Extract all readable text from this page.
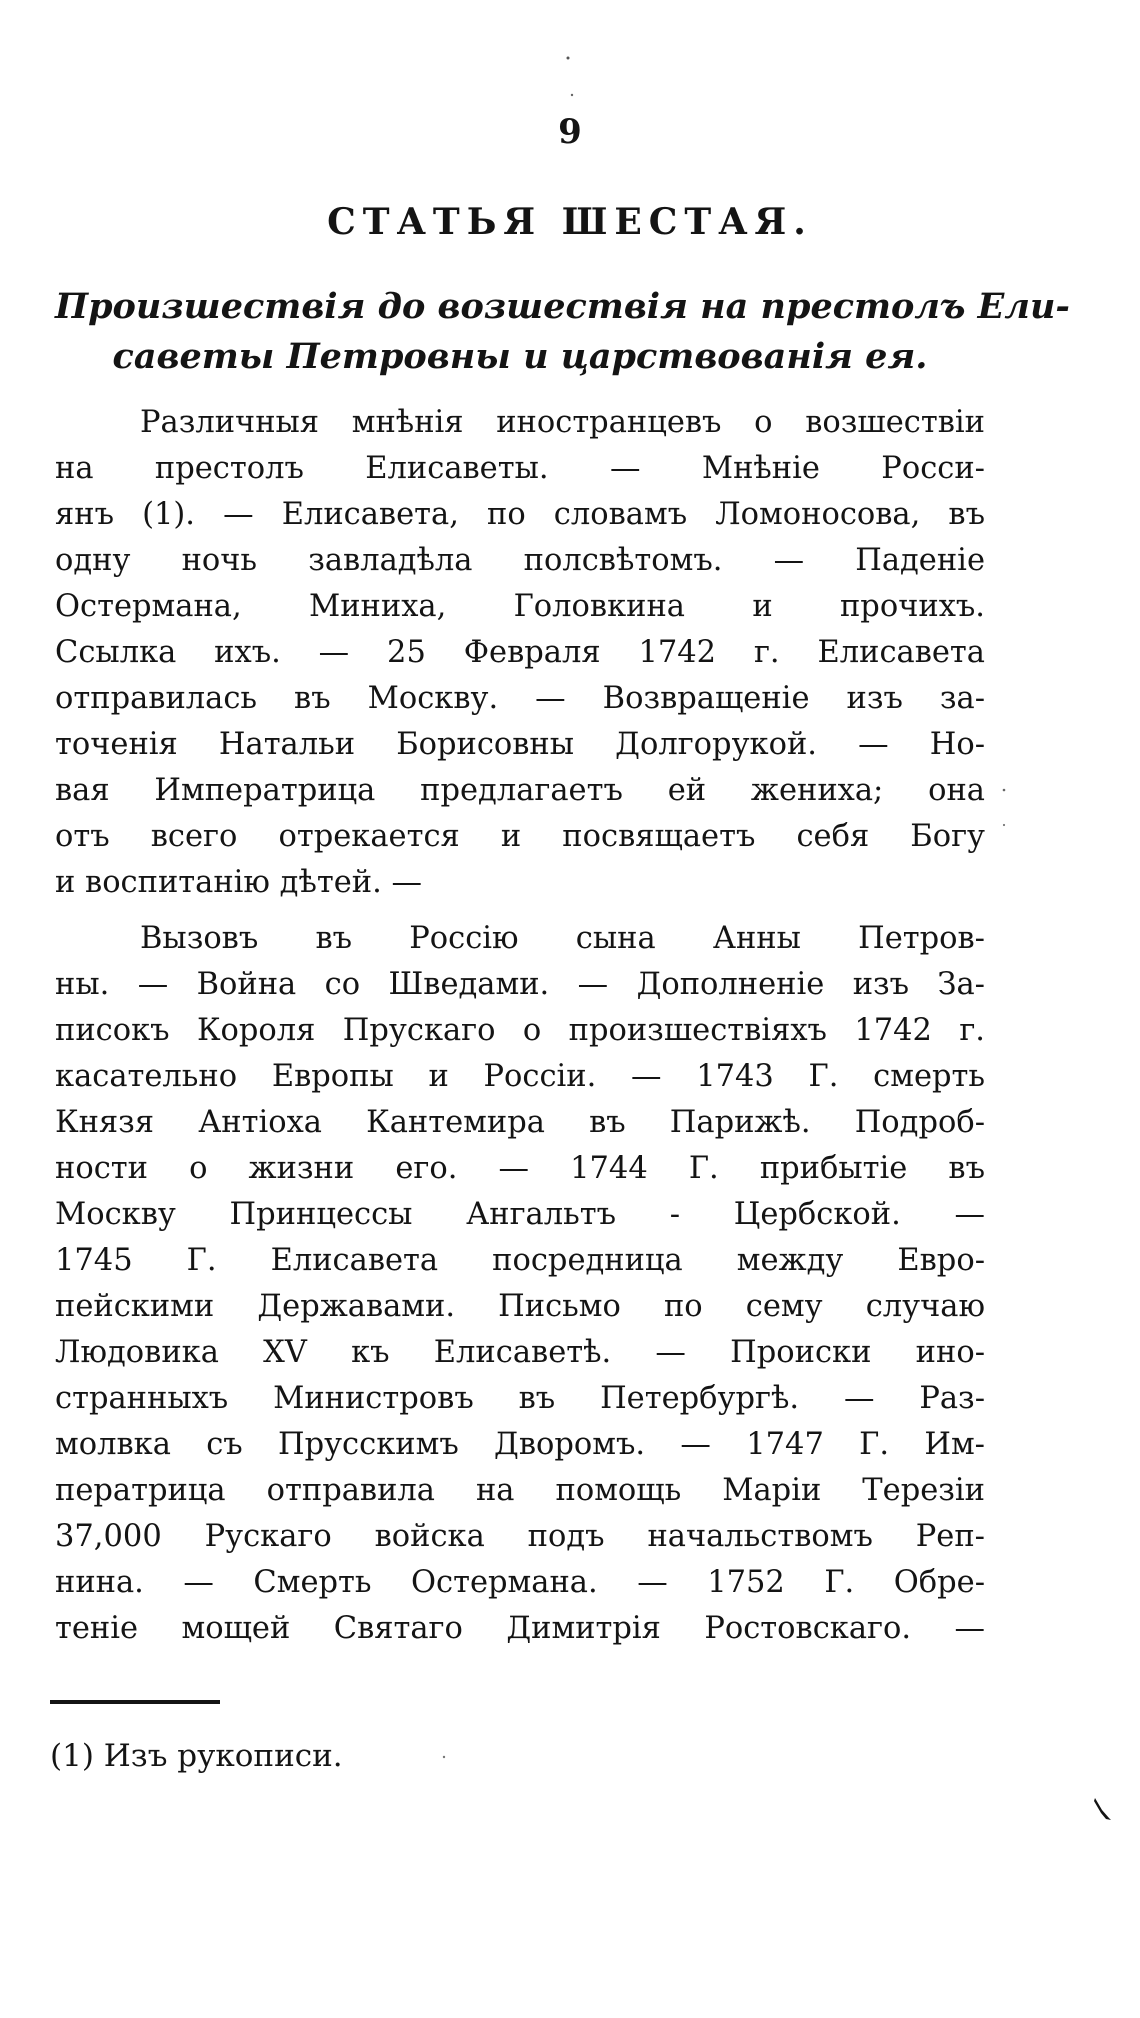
9
СТАТЬЯ ШЕСТАЯ.
Произшествія до возшествія на престолъ Ели-
саветы Петровны и царствованія ея.
Различныя мнѣнія иностранцевъ о возшествіи
на престолъ Елисаветы. — Мнѣніе Росси-
янъ (1). — Елисавета, по словамъ Ломоносова, въ
одну ночь завладѣла полсвѣтомъ. — Паденіе
Остермана, Миниха, Головкина и прочихъ.
Ссылка ихъ. — 25 Февраля 1742 г. Елисавета
отправилась въ Москву. — Возвращеніе изъ за-
точенія Натальи Борисовны Долгорукой. — Но-
вая Императрица предлагаетъ ей жениха; она
отъ всего отрекается и посвящаетъ себя Богу
и воспитанію дѣтей. —
Вызовъ въ Россію сына Анны Петров-
ны. — Война со Шведами. — Дополненіе изъ За-
писокъ Короля Прускаго о произшествіяхъ 1742 г.
касательно Европы и Россіи. — 1743 Г. смерть
Князя Антіоха Кантемира въ Парижѣ. Подроб-
ности о жизни его. — 1744 Г. прибытіе въ
Москву Принцессы Ангальтъ - Цербской. —
1745 Г. Елисавета посредница между Евро-
пейскими Державами. Письмо по сему случаю
Людовика XV къ Елисаветѣ. — Происки ино-
странныхъ Министровъ въ Петербургѣ. — Раз-
молвка съ Прусскимъ Дворомъ. — 1747 Г. Им-
ператрица отправила на помощь Маріи Терезіи
37,000 Рускаго войска подъ начальствомъ Реп-
нина. — Смерть Остермана. — 1752 Г. Обре-
теніе мощей Святаго Димитрія Ростовскаго. —
(1) Изъ рукописи.
